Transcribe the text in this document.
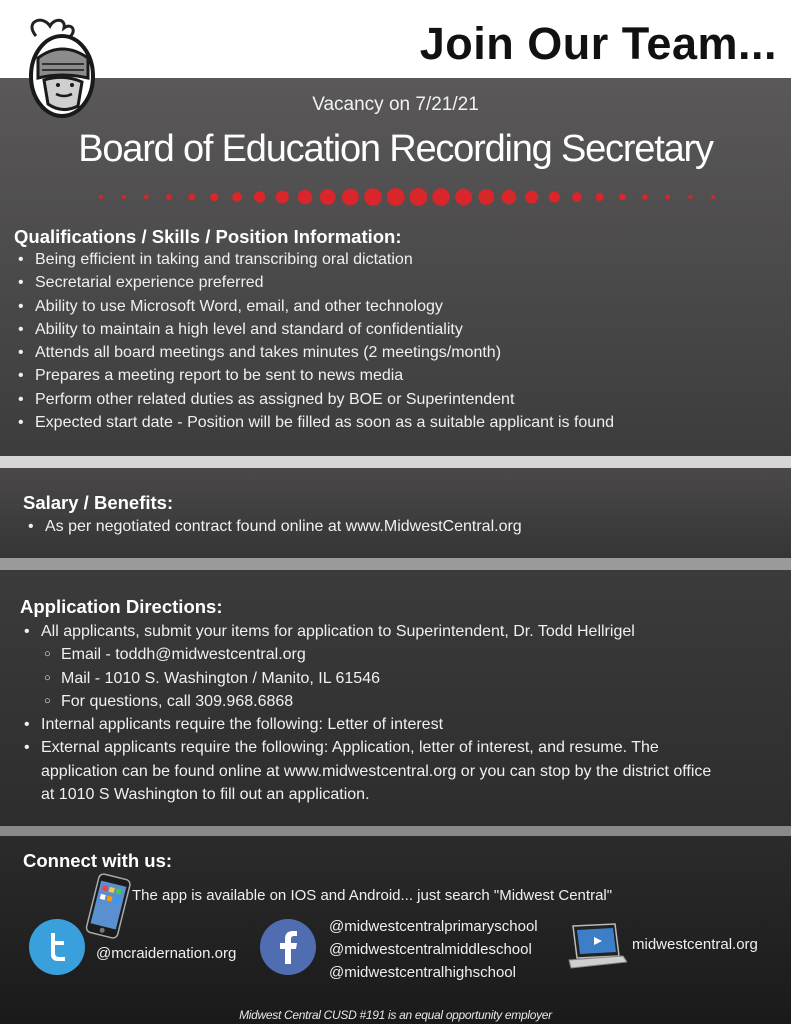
Join Our Team...
Vacancy on 7/21/21
Board of Education Recording Secretary
Qualifications / Skills / Position Information:
• Being efficient in taking and transcribing oral dictation
• Secretarial experience preferred
• Ability to use Microsoft Word, email, and other technology
• Ability to maintain a high level and standard of confidentiality
• Attends all board meetings and takes minutes (2 meetings/month)
• Prepares a meeting report to be sent to news media
• Perform other related duties as assigned by BOE or Superintendent
• Expected start date - Position will be filled as soon as a suitable applicant is found
Salary / Benefits:
• As per negotiated contract found online at www.MidwestCentral.org
Application Directions:
• All applicants, submit your items for application to Superintendent, Dr. Todd Hellrigel
○ Email - toddh@midwestcentral.org
○ Mail - 1010 S. Washington / Manito, IL 61546
○ For questions, call 309.968.6868
• Internal applicants require the following: Letter of interest
• External applicants require the following: Application, letter of interest, and resume. The application can be found online at www.midwestcentral.org or you can stop by the district office at 1010 S Washington to fill out an application.
Connect with us:
The app is available on IOS and Android... just search "Midwest Central"
@mcraidernation.org
@midwestcentralprimaryschool
@midwestcentralmiddleschool
@midwestcentralhighschool
midwestcentral.org
Midwest Central CUSD #191 is an equal opportunity employer
